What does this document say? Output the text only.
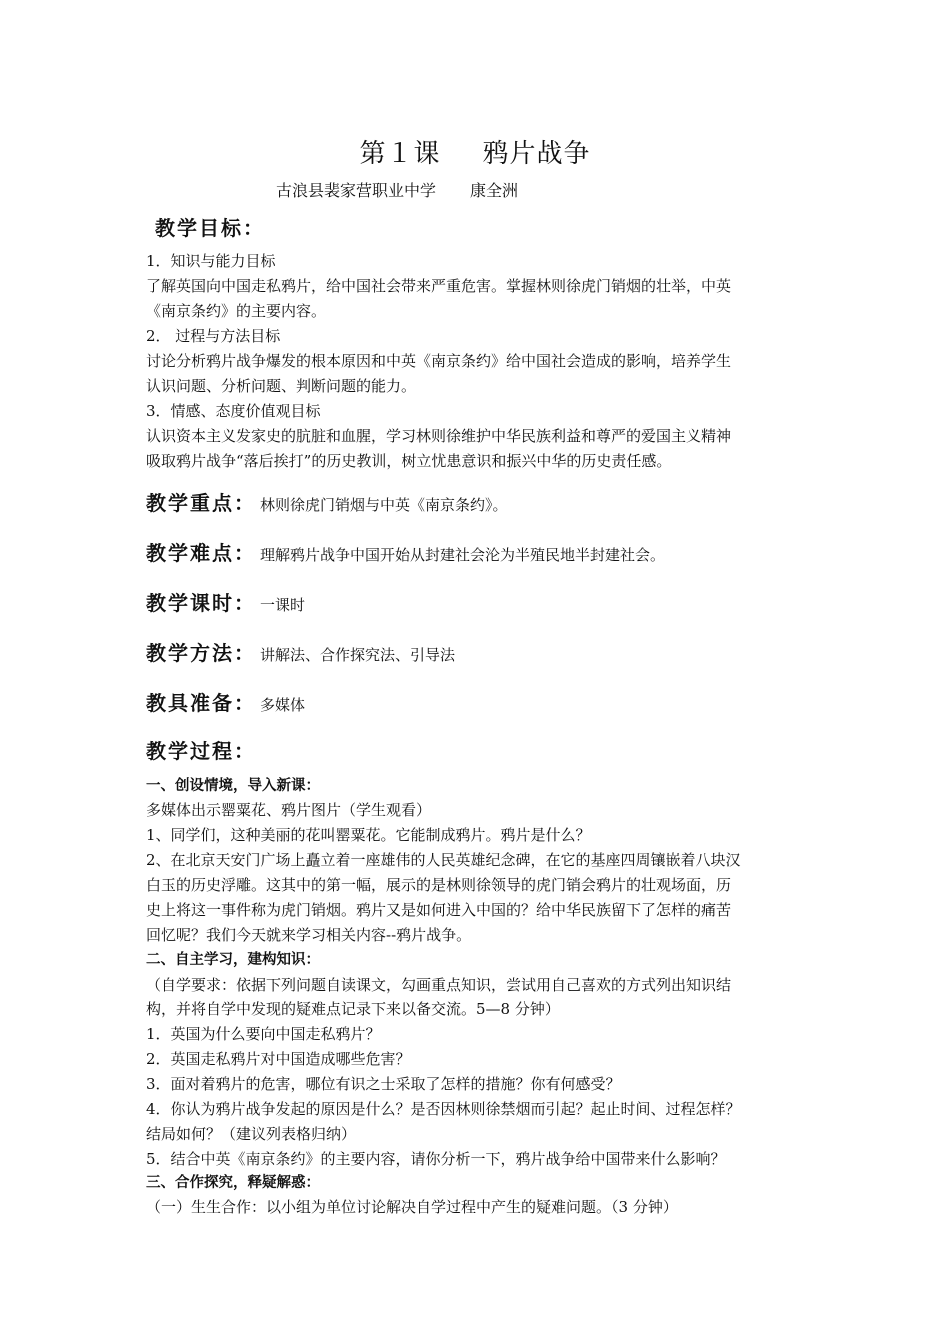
第１课 鸦片战争
古浪县裴家营职业中学 康全洲
教学目标：
1．知识与能力目标
了解英国向中国走私鸦片，给中国社会带来严重危害。掌握林则徐虎门销烟的壮举，中英
《南京条约》的主要内容。
2． 过程与方法目标
讨论分析鸦片战争爆发的根本原因和中英《南京条约》给中国社会造成的影响，培养学生
认识问题、分析问题、判断问题的能力。
3．情感、态度价值观目标
认识资本主义发家史的肮脏和血腥，学习林则徐维护中华民族利益和尊严的爱国主义精神
吸取鸦片战争“落后挨打”的历史教训，树立忧患意识和振兴中华的历史责任感。
教学重点： 林则徐虎门销烟与中英《南京条约》。
教学难点： 理解鸦片战争中国开始从封建社会沦为半殖民地半封建社会。
教学课时： 一课时
教学方法： 讲解法、合作探究法、引导法
教具准备： 多媒体
教学过程：
一、创设情境，导入新课：
多媒体出示罂粟花、鸦片图片（学生观看）
1、同学们，这种美丽的花叫罂粟花。它能制成鸦片。鸦片是什么？
2、在北京天安门广场上矗立着一座雄伟的人民英雄纪念碑，在它的基座四周镶嵌着八块汉
白玉的历史浮雕。这其中的第一幅，展示的是林则徐领导的虎门销会鸦片的壮观场面，历
史上将这一事件称为虎门销烟。鸦片又是如何进入中国的？给中华民族留下了怎样的痛苦
回忆呢？我们今天就来学习相关内容--鸦片战争。
二、自主学习，建构知识：
（自学要求：依据下列问题自读课文，勾画重点知识，尝试用自己喜欢的方式列出知识结
构，并将自学中发现的疑难点记录下来以备交流。5—8 分钟）
1．英国为什么要向中国走私鸦片？
2．英国走私鸦片对中国造成哪些危害？
3．面对着鸦片的危害，哪位有识之士采取了怎样的措施？你有何感受？
4．你认为鸦片战争发起的原因是什么？是否因林则徐禁烟而引起？起止时间、过程怎样？
结局如何？（建议列表格归纳）
5．结合中英《南京条约》的主要内容，请你分析一下，鸦片战争给中国带来什么影响？
三、合作探究，释疑解惑：
（一）生生合作：以小组为单位讨论解决自学过程中产生的疑难问题。（3 分钟）
